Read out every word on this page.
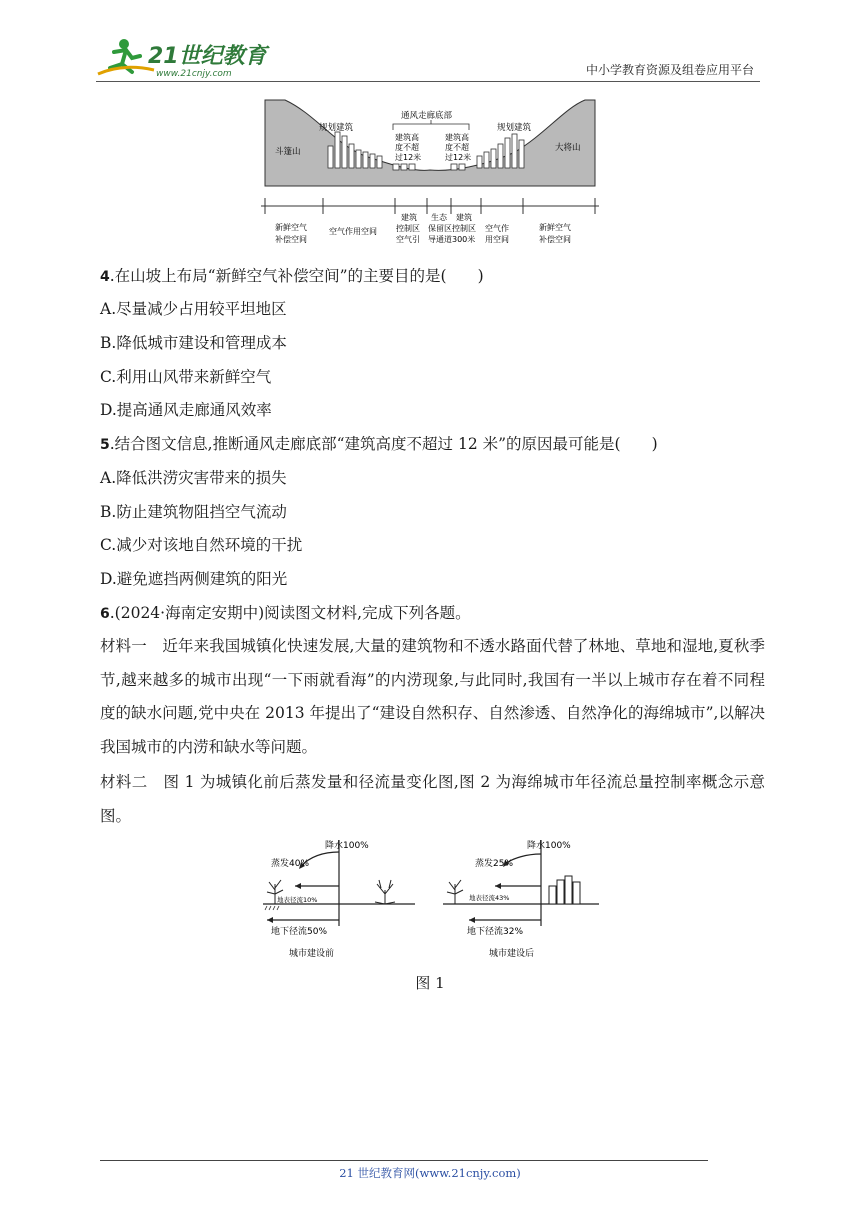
21世纪教育
www.21cnjy.com	中小学教育资源及组卷应用平台
斗篷山	大将山
规划建筑	规划建筑
通风走廊底部
建筑高
度不超
过12米
建筑高
度不超
过12米
新鲜空气
补偿空间
空气作用空间
建筑
控制区
空气引
生态
保留区
导通道
建筑
控制区
300米
空气作
用空间
新鲜空气
补偿空间
4.在山坡上布局“新鲜空气补偿空间”的主要目的是(　　)
A.尽量减少占用较平坦地区
B.降低城市建设和管理成本
C.利用山风带来新鲜空气
D.提高通风走廊通风效率
5.结合图文信息,推断通风走廊底部“建筑高度不超过 12 米”的原因最可能是(　　)
A.降低洪涝灾害带来的损失
B.防止建筑物阻挡空气流动
C.减少对该地自然环境的干扰
D.避免遮挡两侧建筑的阳光
6.(2024·海南定安期中)阅读图文材料,完成下列各题。
材料一　近年来我国城镇化快速发展,大量的建筑物和不透水路面代替了林地、草地和湿地,夏秋季节,越来越多的城市出现“一下雨就看海”的内涝现象,与此同时,我国有一半以上城市存在着不同程度的缺水问题,党中央在 2013 年提出了“建设自然积存、自然渗透、自然净化的海绵城市”,以解决我国城市的内涝和缺水等问题。
材料二　图 1 为城镇化前后蒸发量和径流量变化图,图 2 为海绵城市年径流总量控制率概念示意图。
降水100%
蒸发40%
地表径流10%
地下径流50%
城市建设前
降水100%
蒸发25%
地表径流43%
地下径流32%
城市建设后
图 1
21 世纪教育网(www.21cnjy.com)
